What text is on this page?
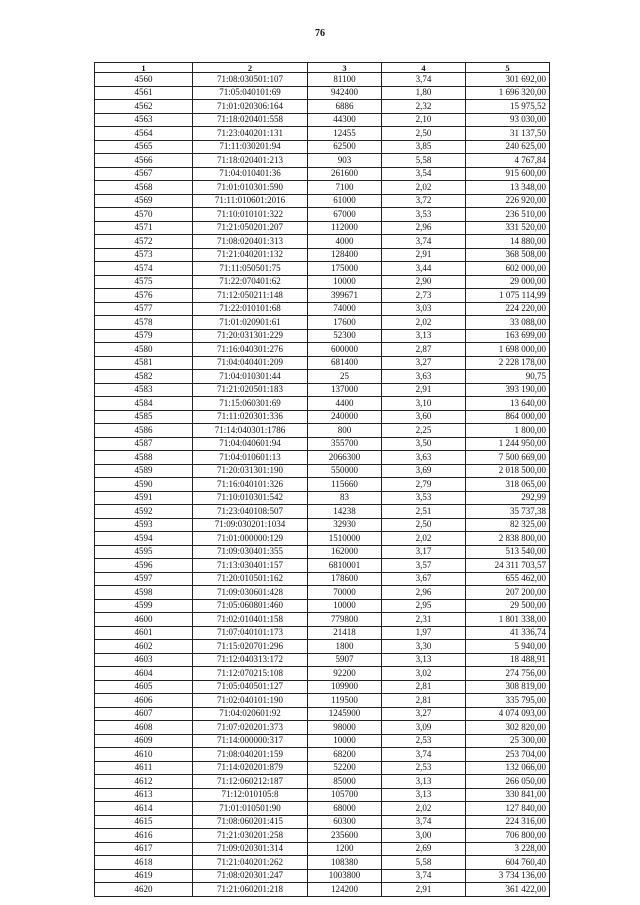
76
1	2	3	4	5
4560	71:08:030501:107	81100	3,74	301 692,00
4561	71:05:040101:69	942400	1,80	1 696 320,00
4562	71:01:020306:164	6886	2,32	15 975,52
4563	71:18:020401:558	44300	2,10	93 030,00
4564	71:23:040201:131	12455	2,50	31 137,50
4565	71:11:030201:94	62500	3,85	240 625,00
4566	71:18:020401:213	903	5,58	4 767,84
4567	71:04:010401:36	261600	3,54	915 600,00
4568	71:01:010301:590	7100	2,02	13 348,00
4569	71:11:010601:2016	61000	3,72	226 920,00
4570	71:10:010101:322	67000	3,53	236 510,00
4571	71:21:050201:207	112000	2,96	331 520,00
4572	71:08:020401:313	4000	3,74	14 880,00
4573	71:21:040201:132	128400	2,91	368 508,00
4574	71:11:050501:75	175000	3,44	602 000,00
4575	71:22:070401:62	10000	2,90	29 000,00
4576	71:12:050211:148	399671	2,73	1 075 114,99
4577	71:22:010101:68	74000	3,03	224 220,00
4578	71:01:020901:61	17600	2,02	33 088,00
4579	71:20:031301:229	52300	3,13	163 699,00
4580	71:16:040301:276	600000	2,87	1 698 000,00
4581	71:04:040401:209	681400	3,27	2 228 178,00
4582	71:04:010301:44	25	3,63	90,75
4583	71:21:020501:183	137000	2,91	393 190,00
4584	71:15:060301:69	4400	3,10	13 640,00
4585	71:11:020301:336	240000	3,60	864 000,00
4586	71:14:040301:1786	800	2,25	1 800,00
4587	71:04:040601:94	355700	3,50	1 244 950,00
4588	71:04:010601:13	2066300	3,63	7 500 669,00
4589	71:20:031301:190	550000	3,69	2 018 500,00
4590	71:16:040101:326	115660	2,79	318 065,00
4591	71:10:010301:542	83	3,53	292,99
4592	71:23:040108:507	14238	2,51	35 737,38
4593	71:09:030201:1034	32930	2,50	82 325,00
4594	71:01:000000:129	1510000	2,02	2 838 800,00
4595	71:09:030401:355	162000	3,17	513 540,00
4596	71:13:030401:157	6810001	3,57	24 311 703,57
4597	71:20:010501:162	178600	3,67	655 462,00
4598	71:09:030601:428	70000	2,96	207 200,00
4599	71:05:060801:460	10000	2,95	29 500,00
4600	71:02:010401:158	779800	2,31	1 801 338,00
4601	71:07:040101:173	21418	1,97	41 336,74
4602	71:15:020701:296	1800	3,30	5 940,00
4603	71:12:040313:172	5907	3,13	18 488,91
4604	71:12:070215:108	92200	3,02	274 756,00
4605	71:05:040501:127	109900	2,81	308 819,00
4606	71:02:040101:190	119500	2,81	335 795,00
4607	71:04:020601:92	1245900	3,27	4 074 093,00
4608	71:07:020201:373	98000	3,09	302 820,00
4609	71:14:000000:317	10000	2,53	25 300,00
4610	71:08:040201:159	68200	3,74	253 704,00
4611	71:14:020201:879	52200	2,53	132 066,00
4612	71:12:060212:187	85000	3,13	266 050,00
4613	71:12:010105:8	105700	3,13	330 841,00
4614	71:01:010501:90	68000	2,02	127 840,00
4615	71:08:060201:415	60300	3,74	224 316,00
4616	71:21:030201:258	235600	3,00	706 800,00
4617	71:09:020301:314	1200	2,69	3 228,00
4618	71:21:040201:262	108380	5,58	604 760,40
4619	71:08:020301:247	1003800	3,74	3 734 136,00
4620	71:21:060201:218	124200	2,91	361 422,00
